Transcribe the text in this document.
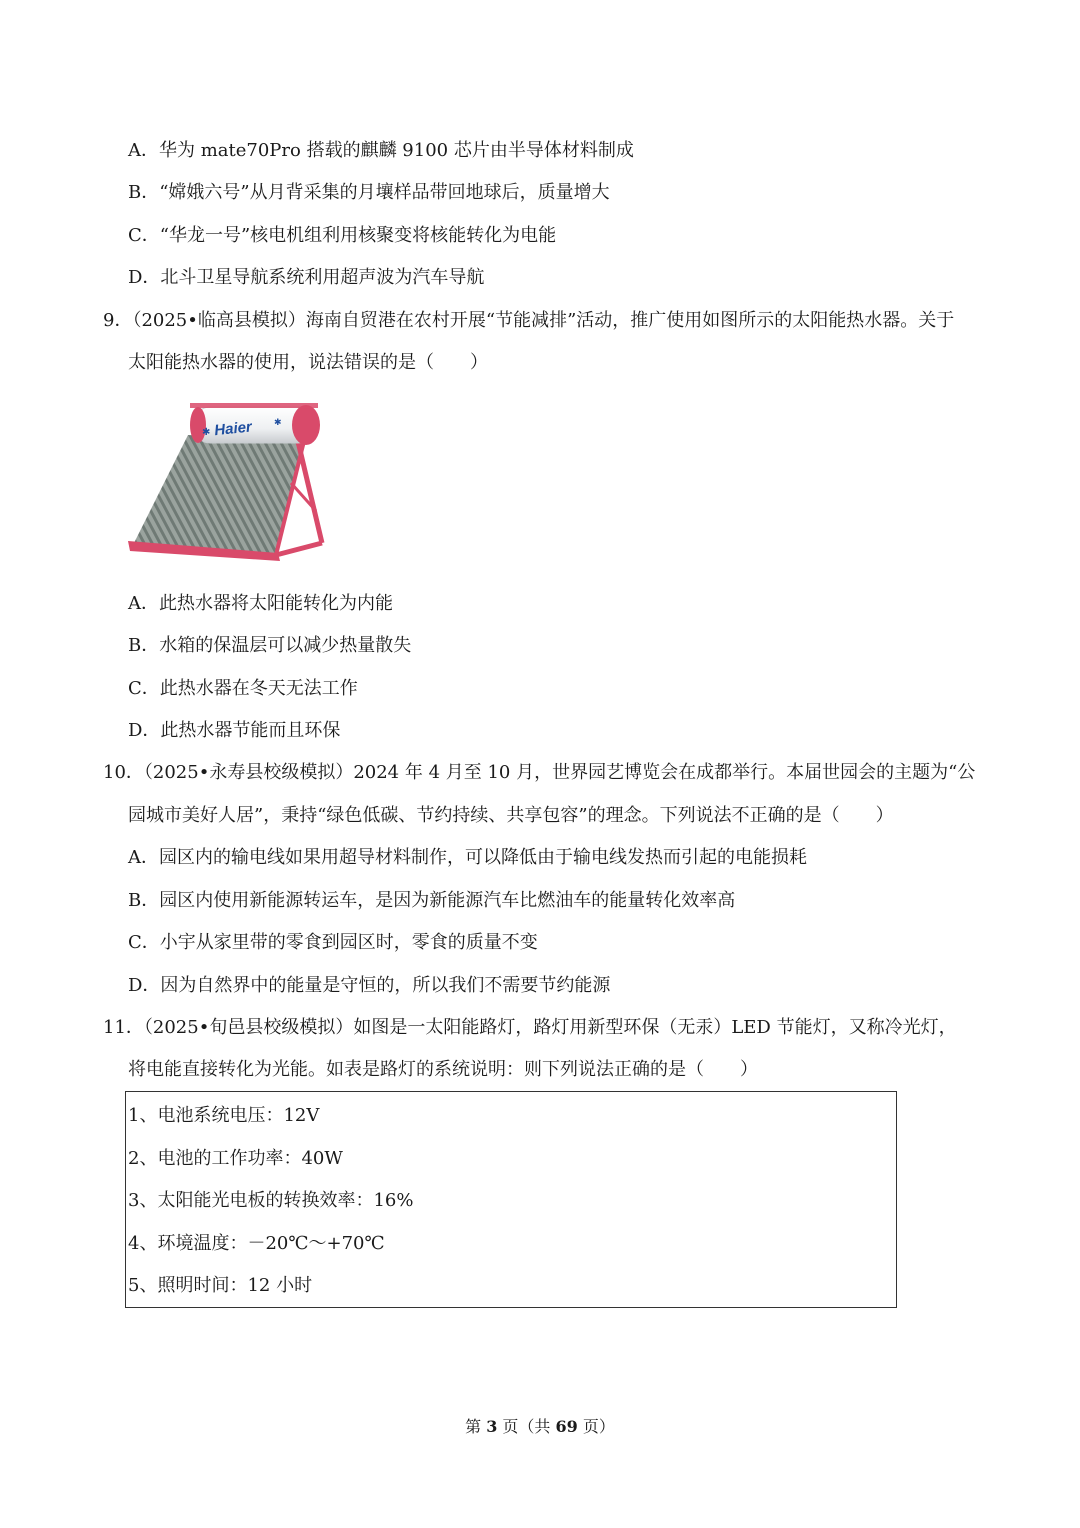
A．华为 mate70Pro 搭载的麒麟 9100 芯片由半导体材料制成
B．“嫦娥六号”从月背采集的月壤样品带回地球后，质量增大
C．“华龙一号”核电机组利用核聚变将核能转化为电能
D．北斗卫星导航系统利用超声波为汽车导航
9．（2025•临高县模拟）海南自贸港在农村开展“节能减排”活动，推广使用如图所示的太阳能热水器。关于
太阳能热水器的使用，说法错误的是（　　）
Haier
✱
✱
A．此热水器将太阳能转化为内能
B．水箱的保温层可以减少热量散失
C．此热水器在冬天无法工作
D．此热水器节能而且环保
10．（2025•永寿县校级模拟）2024 年 4 月至 10 月，世界园艺博览会在成都举行。本届世园会的主题为“公
园城市美好人居”，秉持“绿色低碳、节约持续、共享包容”的理念。下列说法不正确的是（　　）
A．园区内的输电线如果用超导材料制作，可以降低由于输电线发热而引起的电能损耗
B．园区内使用新能源转运车，是因为新能源汽车比燃油车的能量转化效率高
C．小宇从家里带的零食到园区时，零食的质量不变
D．因为自然界中的能量是守恒的，所以我们不需要节约能源
11．（2025•旬邑县校级模拟）如图是一太阳能路灯，路灯用新型环保（无汞）LED 节能灯，又称冷光灯，
将电能直接转化为光能。如表是路灯的系统说明：则下列说法正确的是（　　）
1、电池系统电压：12V
2、电池的工作功率：40W
3、太阳能光电板的转换效率：16%
4、环境温度：－20℃～+70℃
5、照明时间：12 小时
第 3 页（共 69 页）
